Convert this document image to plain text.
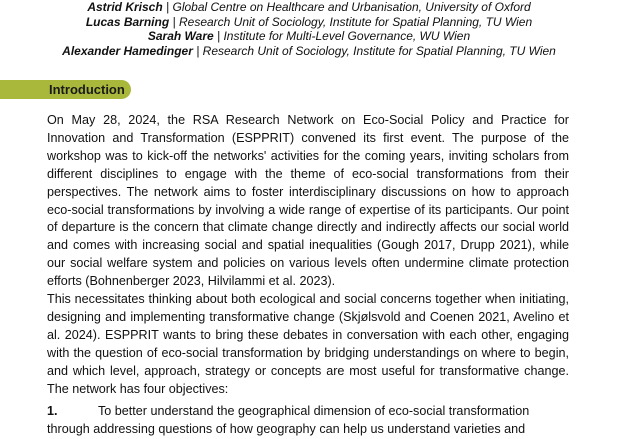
Astrid Krisch | Global Centre on Healthcare and Urbanisation, University of Oxford
Lucas Barning | Research Unit of Sociology, Institute for Spatial Planning, TU Wien
Sarah Ware | Institute for Multi-Level Governance, WU Wien
Alexander Hamedinger | Research Unit of Sociology, Institute for Spatial Planning, TU Wien
Introduction

On May 28, 2024, the RSA Research Network on Eco-Social Policy and Practice for Innovation and Transformation (ESPPRIT) convened its first event. The purpose of the workshop was to kick-off the networks' activities for the coming years, inviting scholars from different disciplines to engage with the theme of eco-social transformations from their perspectives. The network aims to foster interdisciplinary discussions on how to approach eco-social transformations by involving a wide range of expertise of its participants. Our point of departure is the concern that climate change directly and indirectly affects our social world and comes with increasing social and spatial inequalities (Gough 2017, Drupp 2021), while our social welfare system and policies on various levels often undermine climate protection efforts (Bohnenberger 2023, Hilvilammi et al. 2023).

This necessitates thinking about both ecological and social concerns together when initiating, designing and implementing transformative change (Skjølsvold and Coenen 2021, Avelino et al. 2024). ESPPRIT wants to bring these debates in conversation with each other, engaging with the question of eco-social transformation by bridging understandings on where to begin, and which level, approach, strategy or concepts are most useful for transformative change. The network has four objectives:

1.	To better understand the geographical dimension of eco-social transformation through addressing questions of how geography can help us understand varieties and
